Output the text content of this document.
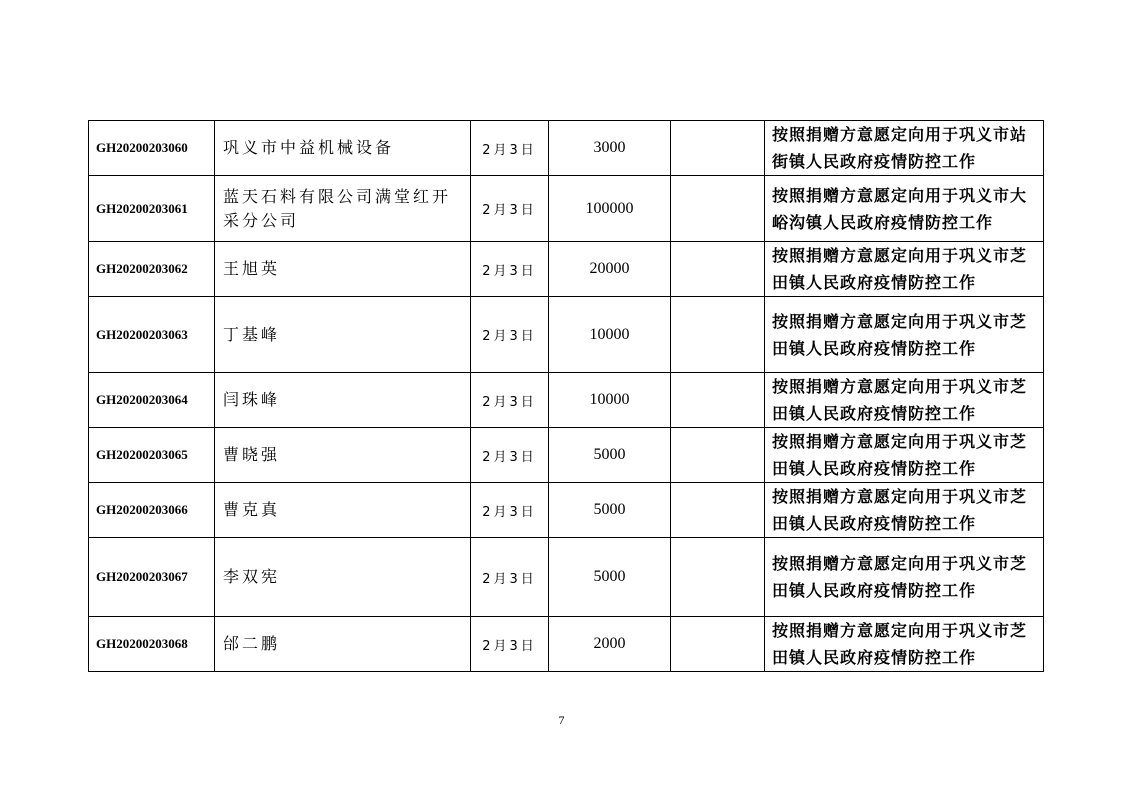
GH20200203060	巩义市中益机械设备	2月3日	3000		按照捐赠方意愿定向用于巩义市站街镇人民政府疫情防控工作
GH20200203061	蓝天石料有限公司满堂红开采分公司	2月3日	100000		按照捐赠方意愿定向用于巩义市大峪沟镇人民政府疫情防控工作
GH20200203062	王旭英	2月3日	20000		按照捐赠方意愿定向用于巩义市芝田镇人民政府疫情防控工作
GH20200203063	丁基峰	2月3日	10000		按照捐赠方意愿定向用于巩义市芝田镇人民政府疫情防控工作
GH20200203064	闫珠峰	2月3日	10000		按照捐赠方意愿定向用于巩义市芝田镇人民政府疫情防控工作
GH20200203065	曹晓强	2月3日	5000		按照捐赠方意愿定向用于巩义市芝田镇人民政府疫情防控工作
GH20200203066	曹克真	2月3日	5000		按照捐赠方意愿定向用于巩义市芝田镇人民政府疫情防控工作
GH20200203067	李双宪	2月3日	5000		按照捐赠方意愿定向用于巩义市芝田镇人民政府疫情防控工作
GH20200203068	邰二鹏	2月3日	2000		按照捐赠方意愿定向用于巩义市芝田镇人民政府疫情防控工作
7
